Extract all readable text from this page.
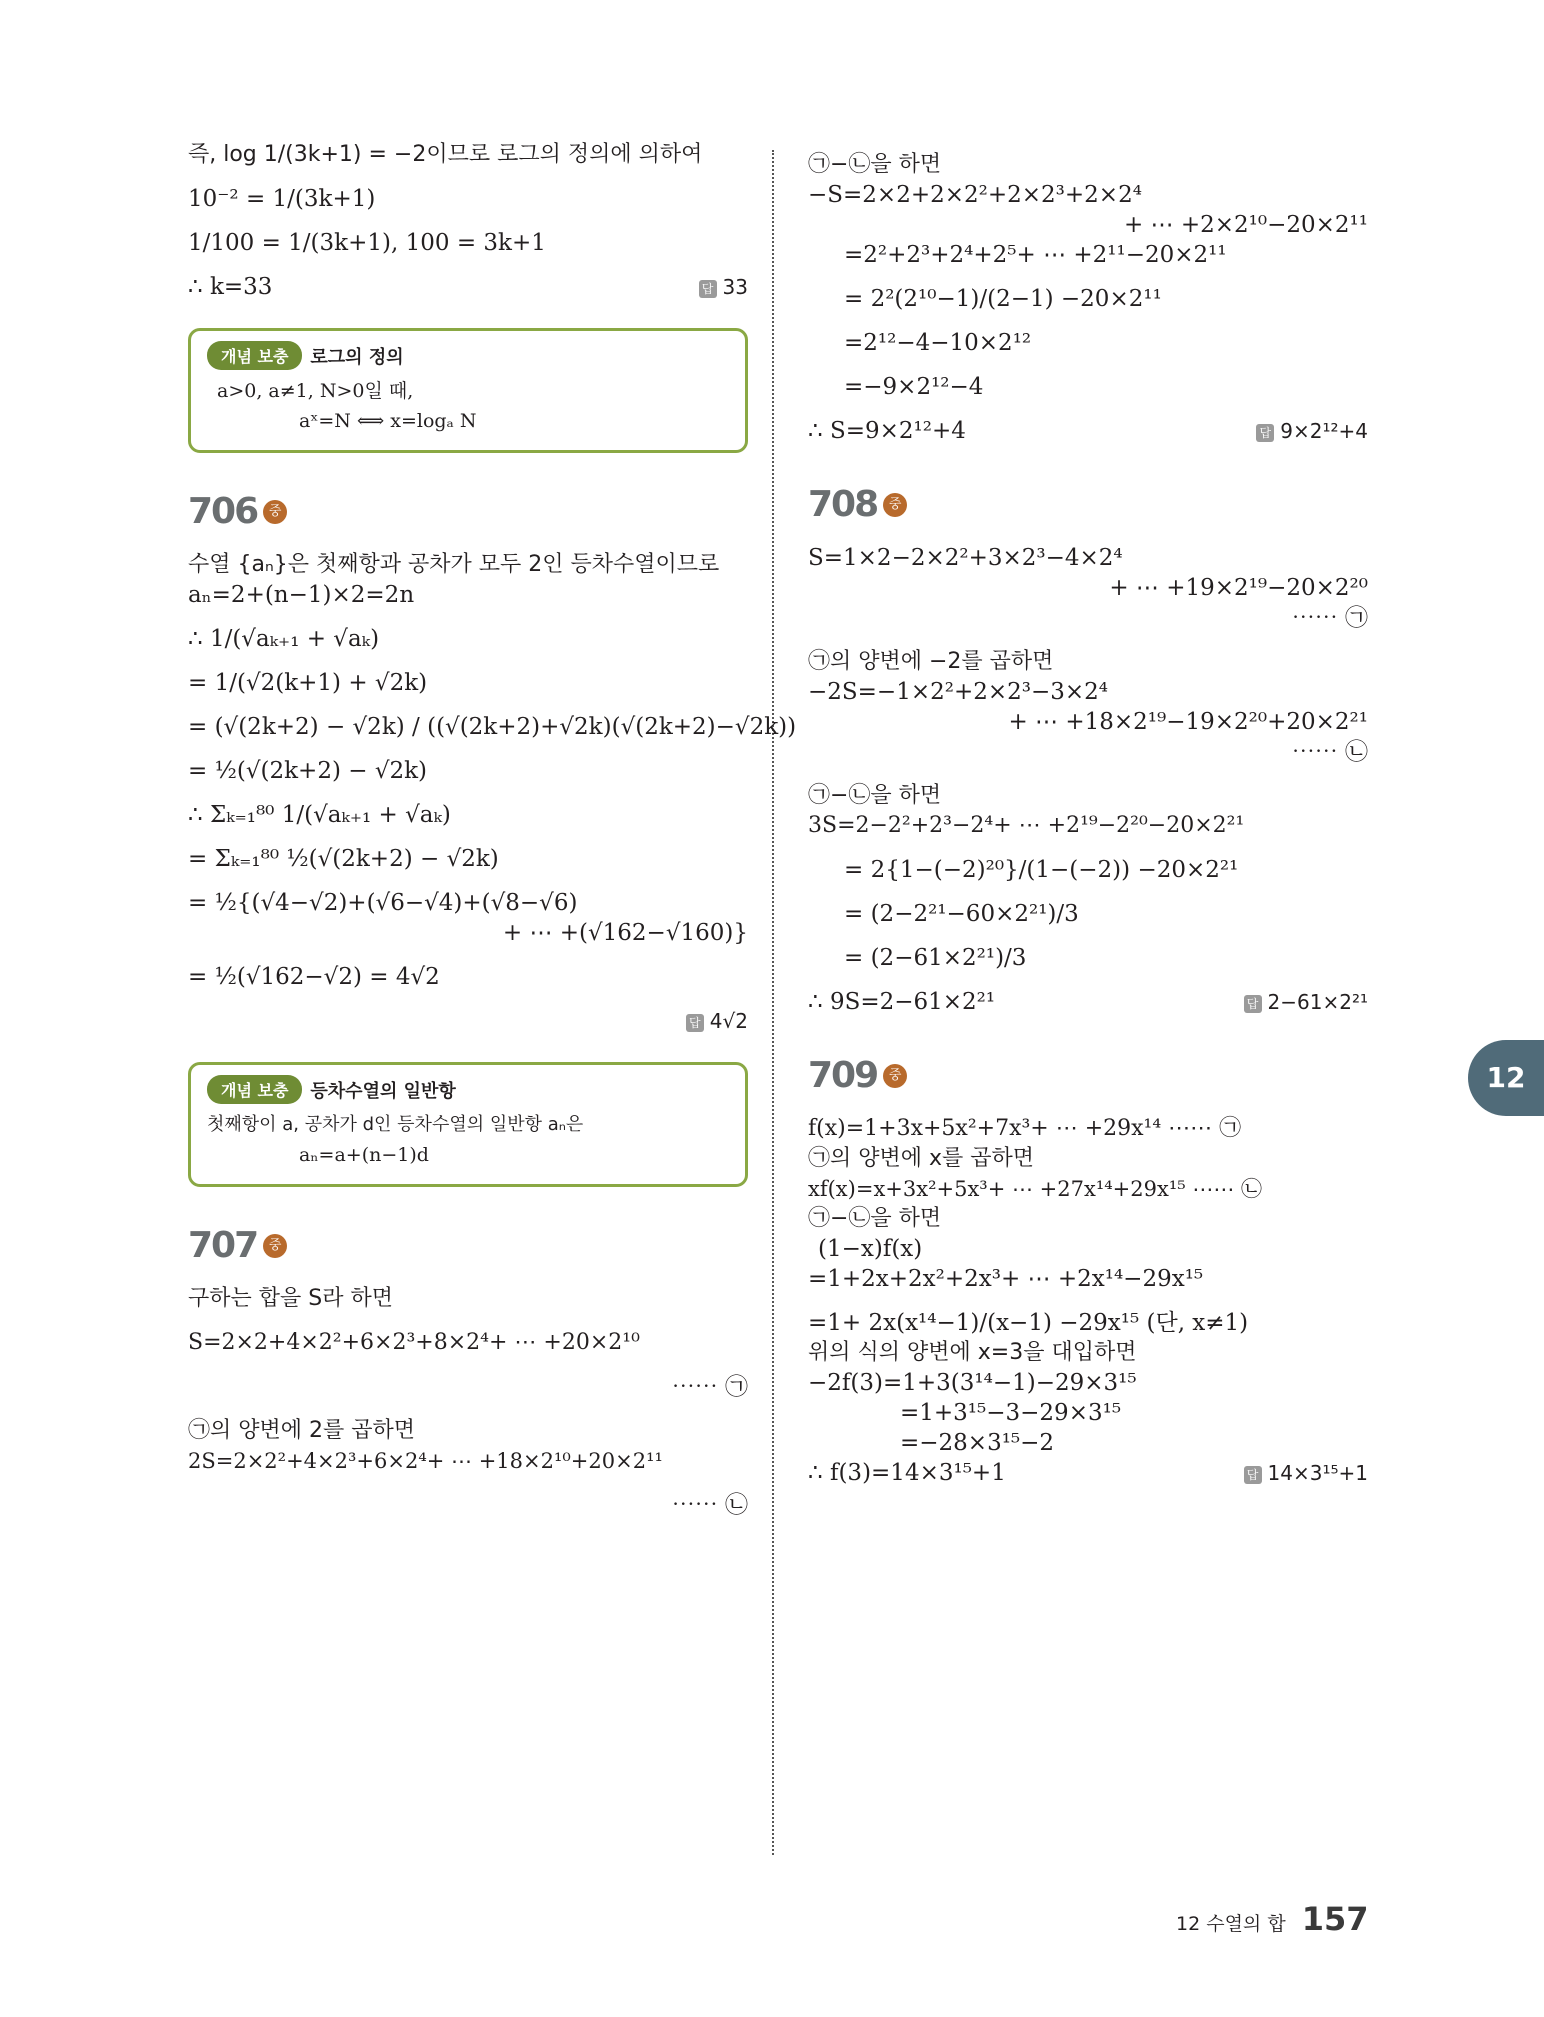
즉, log 1/(3k+1) = −2이므로 로그의 정의에 의하여
10⁻² = 1/(3k+1)
1/100 = 1/(3k+1), 100 = 3k+1
∴ k=33	답 33
개념 보충	로그의 정의
a>0, a≠1, N>0일 때,
aˣ=N ⟺ x=logₐ N
706 중
수열 {aₙ}은 첫째항과 공차가 모두 2인 등차수열이므로
aₙ=2+(n−1)×2=2n
∴ 1/(√aₖ₊₁ + √aₖ)
= 1/(√2(k+1) + √2k)
= (√(2k+2) − √2k) / ((√(2k+2)+√2k)(√(2k+2)−√2k))
= ½(√(2k+2) − √2k)
∴ Σₖ₌₁⁸⁰ 1/(√aₖ₊₁ + √aₖ)
= Σₖ₌₁⁸⁰ ½(√(2k+2) − √2k)
= ½{(√4−√2)+(√6−√4)+(√8−√6)
+ ⋯ +(√162−√160)}
= ½(√162−√2) = 4√2

답 4√2
개념 보충	등차수열의 일반항
첫째항이 a, 공차가 d인 등차수열의 일반항 aₙ은
aₙ=a+(n−1)d
707 중
구하는 합을 S라 하면
S=2×2+4×2²+6×2³+8×2⁴+ ⋯ +20×2¹⁰
⋯⋯ ㉠
㉠의 양변에 2를 곱하면
2S=2×2²+4×2³+6×2⁴+ ⋯ +18×2¹⁰+20×2¹¹
⋯⋯ ㉡
㉠−㉡을 하면
−S=2×2+2×2²+2×2³+2×2⁴
+ ⋯ +2×2¹⁰−20×2¹¹
=2²+2³+2⁴+2⁵+ ⋯ +2¹¹−20×2¹¹
= 2²(2¹⁰−1)/(2−1) −20×2¹¹
=2¹²−4−10×2¹²
=−9×2¹²−4
∴ S=9×2¹²+4	답 9×2¹²+4
708 중
S=1×2−2×2²+3×2³−4×2⁴
+ ⋯ +19×2¹⁹−20×2²⁰
⋯⋯ ㉠
㉠의 양변에 −2를 곱하면
−2S=−1×2²+2×2³−3×2⁴
+ ⋯ +18×2¹⁹−19×2²⁰+20×2²¹
⋯⋯ ㉡
㉠−㉡을 하면
3S=2−2²+2³−2⁴+ ⋯ +2¹⁹−2²⁰−20×2²¹
= 2{1−(−2)²⁰}/(1−(−2)) −20×2²¹
= (2−2²¹−60×2²¹)/3
= (2−61×2²¹)/3
∴ 9S=2−61×2²¹	답 2−61×2²¹
709 중
f(x)=1+3x+5x²+7x³+ ⋯ +29x¹⁴ ⋯⋯ ㉠
㉠의 양변에 x를 곱하면
xf(x)=x+3x²+5x³+ ⋯ +27x¹⁴+29x¹⁵ ⋯⋯ ㉡
㉠−㉡을 하면
(1−x)f(x)
=1+2x+2x²+2x³+ ⋯ +2x¹⁴−29x¹⁵
=1+ 2x(x¹⁴−1)/(x−1) −29x¹⁵ (단, x≠1)
위의 식의 양변에 x=3을 대입하면
−2f(3)=1+3(3¹⁴−1)−29×3¹⁵
=1+3¹⁵−3−29×3¹⁵
=−28×3¹⁵−2
∴ f(3)=14×3¹⁵+1	답 14×3¹⁵+1
12
12 수열의 합 157
